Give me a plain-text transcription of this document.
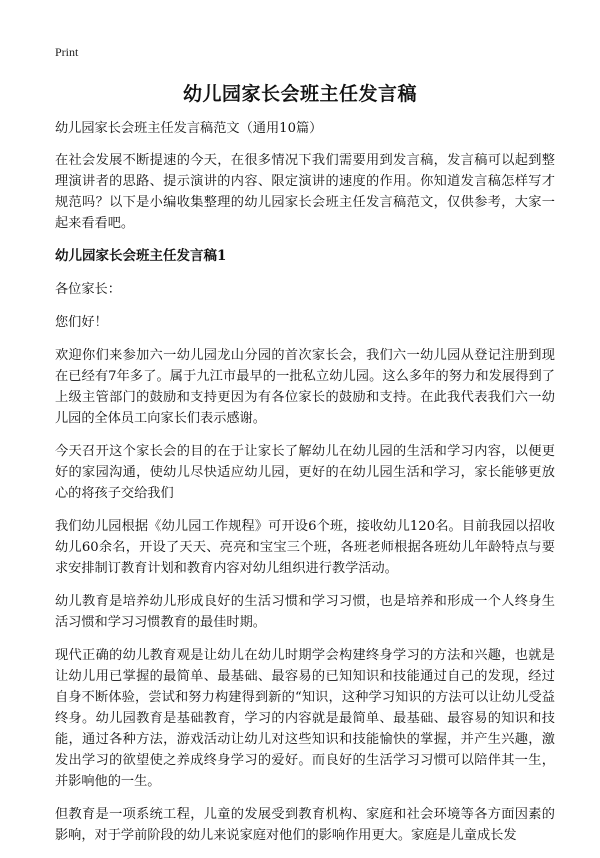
Print
幼儿园家长会班主任发言稿

幼儿园家长会班主任发言稿范文（通用10篇）

在社会发展不断提速的今天，在很多情况下我们需要用到发言稿，发言稿可以起到整理演讲者的思路、提示演讲的内容、限定演讲的速度的作用。你知道发言稿怎样写才规范吗？以下是小编收集整理的幼儿园家长会班主任发言稿范文，仅供参考，大家一起来看看吧。

幼儿园家长会班主任发言稿1

各位家长：

您们好！

欢迎你们来参加六一幼儿园龙山分园的首次家长会，我们六一幼儿园从登记注册到现在已经有7年多了。属于九江市最早的一批私立幼儿园。这么多年的努力和发展得到了上级主管部门的鼓励和支持更因为有各位家长的鼓励和支持。在此我代表我们六一幼儿园的全体员工向家长们表示感谢。

今天召开这个家长会的目的在于让家长了解幼儿在幼儿园的生活和学习内容，以便更好的家园沟通，使幼儿尽快适应幼儿园，更好的在幼儿园生活和学习，家长能够更放心的将孩子交给我们

我们幼儿园根据《幼儿园工作规程》可开设6个班，接收幼儿120名。目前我园以招收幼儿60余名，开设了天天、亮亮和宝宝三个班，各班老师根据各班幼儿年龄特点与要求安排制订教育计划和教育内容对幼儿组织进行教学活动。

幼儿教育是培养幼儿形成良好的生活习惯和学习习惯，也是培养和形成一个人终身生活习惯和学习习惯教育的最佳时期。

现代正确的幼儿教育观是让幼儿在幼儿时期学会构建终身学习的方法和兴趣，也就是让幼儿用已掌握的最简单、最基础、最容易的已知知识和技能通过自己的发现，经过自身不断体验，尝试和努力构建得到新的“知识，这种学习知识的方法可以让幼儿受益终身。幼儿园教育是基础教育，学习的内容就是最简单、最基础、最容易的知识和技能，通过各种方法，游戏活动让幼儿对这些知识和技能愉快的掌握，并产生兴趣，激发出学习的欲望使之养成终身学习的爱好。而良好的生活学习习惯可以陪伴其一生，并影响他的一生。

但教育是一项系统工程，儿童的发展受到教育机构、家庭和社会环境等各方面因素的影响，对于学前阶段的幼儿来说家庭对他们的影响作用更大。家庭是儿童成长发
